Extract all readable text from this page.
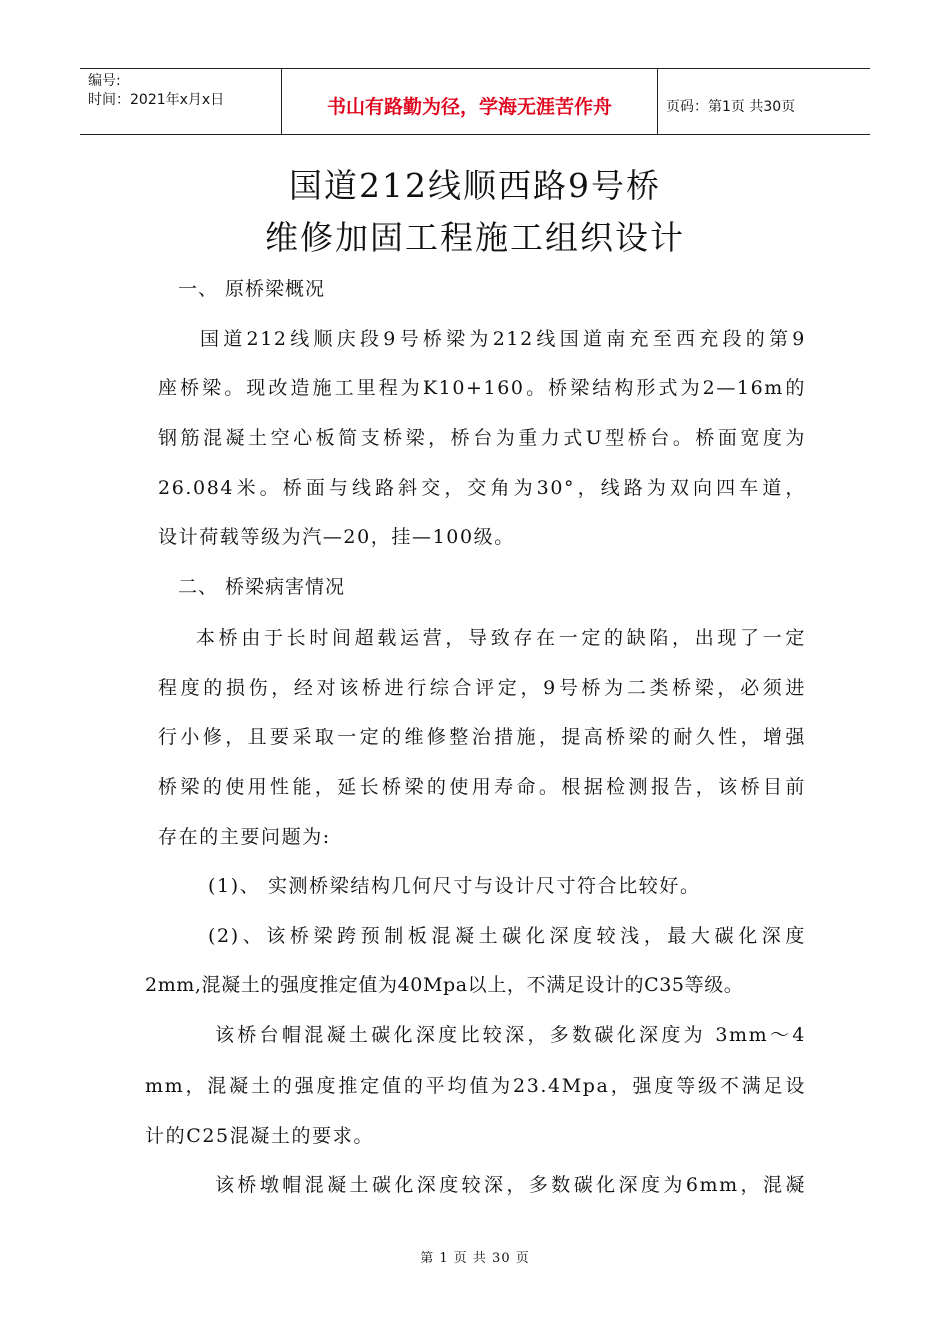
编号:
时间：2021年x月x日	书山有路勤为径，学海无涯苦作舟	页码：第1页 共30页
国道212线顺西路9号桥
维修加固工程施工组织设计
一、 原桥梁概况
国道212线顺庆段9号桥梁为212线国道南充至西充段的第9
座桥梁。现改造施工里程为K10+160。桥梁结构形式为2—16m的
钢筋混凝土空心板简支桥梁，桥台为重力式U型桥台。桥面宽度为
26.084米。桥面与线路斜交，交角为30°，线路为双向四车道，
设计荷载等级为汽—20，挂—100级。
二、 桥梁病害情况
本桥由于长时间超载运营，导致存在一定的缺陷，出现了一定
程度的损伤，经对该桥进行综合评定，9号桥为二类桥梁，必须进
行小修，且要采取一定的维修整治措施，提高桥梁的耐久性，增强
桥梁的使用性能，延长桥梁的使用寿命。根据检测报告，该桥目前
存在的主要问题为:
(1)、 实测桥梁结构几何尺寸与设计尺寸符合比较好。
(2)、该桥梁跨预制板混凝土碳化深度较浅，最大碳化深度
2mm,混凝土的强度推定值为40Mpa以上，不满足设计的C35等级。
该桥台帽混凝土碳化深度比较深，多数碳化深度为 3mm～4
mm，混凝土的强度推定值的平均值为23.4Mpa，强度等级不满足设
计的C25混凝土的要求。
该桥墩帽混凝土碳化深度较深，多数碳化深度为6mm，混凝
第 1 页 共 30 页
